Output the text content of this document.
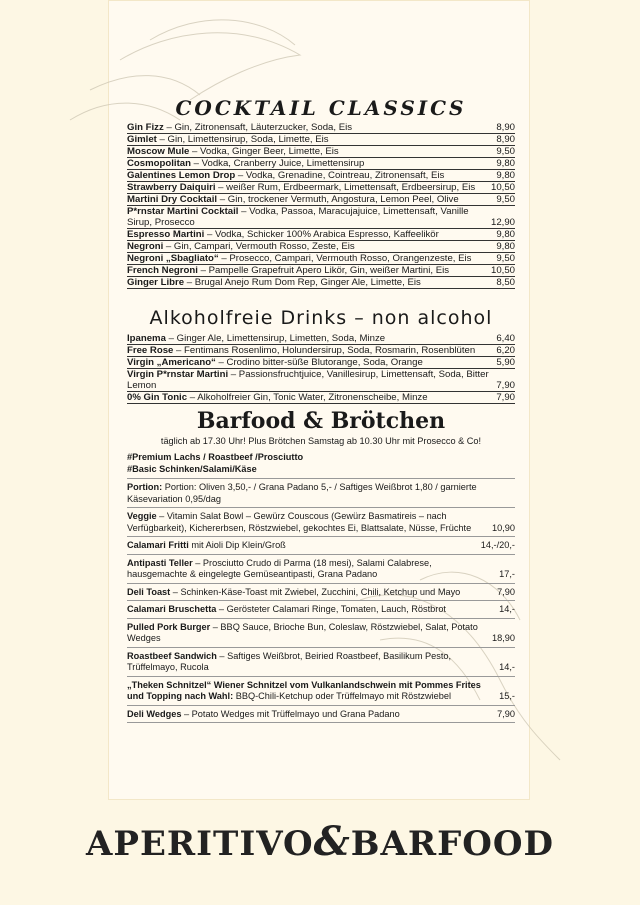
COCKTAIL CLASSICS
Gin Fizz – Gin, Zitronensaft, Läuterzucker, Soda, Eis	8,90
Gimlet – Gin, Limettensirup, Soda, Limette, Eis	8,90
Moscow Mule – Vodka, Ginger Beer, Limette, Eis	9,50
Cosmopolitan – Vodka, Cranberry Juice, Limettensirup	9,80
Galentines Lemon Drop – Vodka, Grenadine, Cointreau, Zitronensaft, Eis	9,80
Strawberry Daiquiri – weißer Rum, Erdbeermark, Limettensaft, Erdbeersirup, Eis	10,50
Martini Dry Cocktail – Gin, trockener Vermuth, Angostura, Lemon Peel, Olive	9,50
P*rnstar Martini Cocktail – Vodka, Passoa, Maracujajuice, Limettensaft, Vanille Sirup, Prosecco	12,90
Espresso Martini – Vodka, Schicker 100% Arabica Espresso, Kaffeelikör	9,80
Negroni – Gin, Campari, Vermouth Rosso, Zeste, Eis	9,80
Negroni „Sbagliato“ – Prosecco, Campari, Vermouth Rosso, Orangenzeste, Eis	9,50
French Negroni – Pampelle Grapefruit Apero Likör, Gin, weißer Martini, Eis	10,50
Ginger Libre – Brugal Anejo Rum Dom Rep, Ginger Ale, Limette, Eis	8,50
Alkoholfreie Drinks – non alcohol
Ipanema – Ginger Ale, Limettensirup, Limetten, Soda, Minze	6,40
Free Rose – Fentimans Rosenlimo, Holundersirup, Soda, Rosmarin, Rosenblüten	6,20
Virgin „Americano“ – Crodino bitter-süße Blutorange, Soda, Orange	5,90
Virgin P*rnstar Martini – Passionsfruchtjuice, Vanillesirup, Limettensaft, Soda, Bitter Lemon	7,90
0% Gin Tonic – Alkoholfreier Gin, Tonic Water, Zitronenscheibe, Minze	7,90
Barfood & Brötchen
täglich ab 17.30 Uhr! Plus Brötchen Samstag ab 10.30 Uhr mit Prosecco & Co!
#Premium Lachs / Roastbeef /Prosciutto
#Basic Schinken/Salami/Käse
Portion: Portion: Oliven 3,50,- / Grana Padano 5,- / Saftiges Weißbrot 1,80 / garnierte Käsevariation 0,95/dag
Veggie – Vitamin Salat Bowl – Gewürz Couscous (Gewürz Basmatireis – nach Verfügbarkeit), Kichererbsen, Röstzwiebel, gekochtes Ei, Blattsalate, Nüsse, Früchte	10,90
Calamari Fritti mit Aioli Dip Klein/Groß	14,-/20,-
Antipasti Teller – Prosciutto Crudo di Parma (18 mesi), Salami Calabrese, hausgemachte & eingelegte Gemüseantipasti, Grana Padano	17,-
Deli Toast – Schinken-Käse-Toast mit Zwiebel, Zucchini, Chili, Ketchup und Mayo	7,90
Calamari Bruschetta – Gerösteter Calamari Ringe, Tomaten, Lauch, Röstbrot	14,-
Pulled Pork Burger – BBQ Sauce, Brioche Bun, Coleslaw, Röstzwiebel, Salat, Potato Wedges	18,90
Roastbeef Sandwich – Saftiges Weißbrot, Beiried Roastbeef, Basilikum Pesto, Trüffelmayo, Rucola	14,-
„Theken Schnitzel“ Wiener Schnitzel vom Vulkanlandschwein mit Pommes Frites und Topping nach Wahl: BBQ-Chili-Ketchup oder Trüffelmayo mit Röstzwiebel	15,-
Deli Wedges – Potato Wedges mit Trüffelmayo und Grana Padano	7,90
APERITIVO&BARFOOD
